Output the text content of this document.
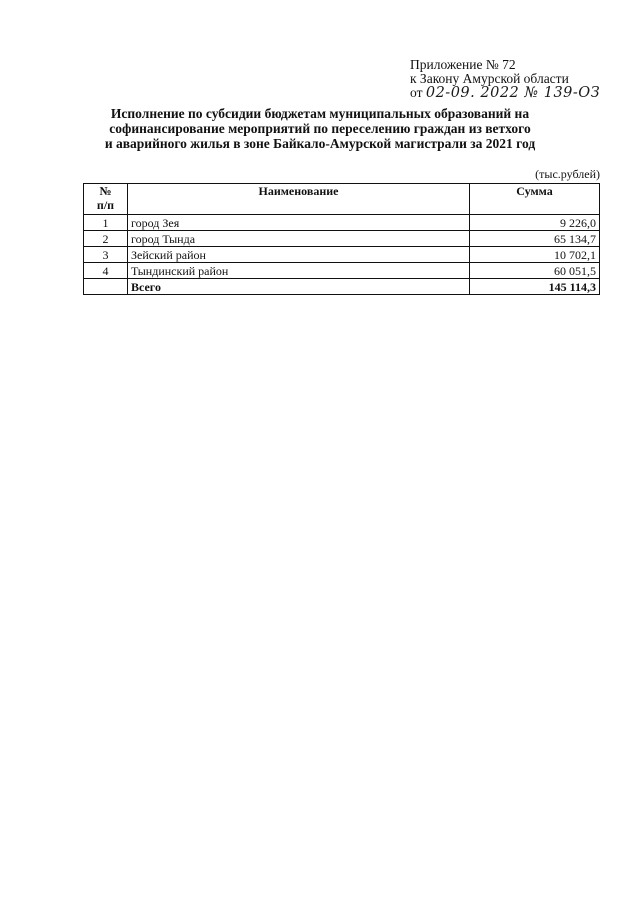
Приложение № 72
к Закону Амурской области
от 02-09. 2022 № 139-ОЗ
Исполнение по субсидии бюджетам муниципальных образований на
софинансирование мероприятий по переселению граждан из ветхого
и аварийного жилья в зоне Байкало-Амурской магистрали за 2021 год
(тыс.рублей)
№
п/п	Наименование	Сумма
1	город Зея	9 226,0
2	город Тында	65 134,7
3	Зейский район	10 702,1
4	Тындинский район	60 051,5
	Всего	145 114,3
